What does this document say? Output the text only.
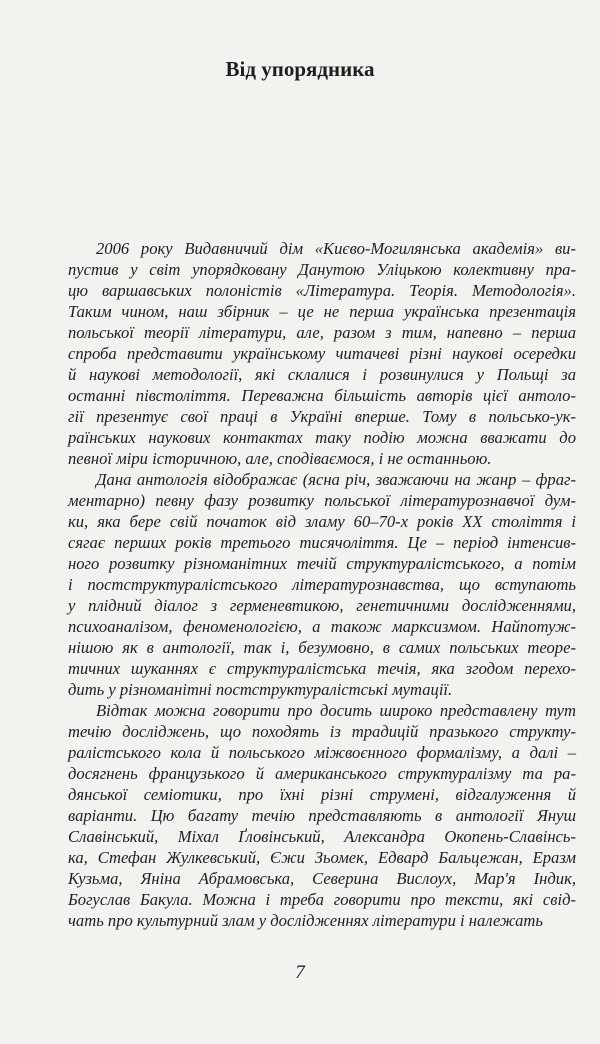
Від упорядника
2006 року Видавничий дім «Києво-Могилянська академія» ви-
пустив у світ упорядковану Данутою Уліцькою колективну пра-
цю варшавських полоністів «Література. Теорія. Методологія».
Таким чином, наш збірник – це не перша українська презентація
польської теорії літератури, але, разом з тим, напевно – перша
спроба представити українському читачеві різні наукові осередки
й наукові методології, які склалися і розвинулися у Польщі за
останні півстоліття. Переважна більшість авторів цієї антоло-
гії презентує свої праці в Україні вперше. Тому в польсько-ук-
раїнських наукових контактах таку подію можна вважати до
певної міри історичною, але, сподіваємося, і не останньою.
Дана антологія відображає (ясна річ, зважаючи на жанр – фраг-
ментарно) певну фазу розвитку польської літературознавчої дум-
ки, яка бере свій початок від зламу 60–70-х років XX століття і
сягає перших років третього тисячоліття. Це – період інтенсив-
ного розвитку різноманітних течій структуралістського, а потім
і постструктуралістського літературознавства, що вступають
у плідний діалог з герменевтикою, генетичними дослідженнями,
психоаналізом, феноменологією, а також марксизмом. Найпотуж-
нішою як в антології, так і, безумовно, в самих польських теоре-
тичних шуканнях є структуралістська течія, яка згодом перехо-
дить у різноманітні постструктуралістські мутації.
Відтак можна говорити про досить широко представлену тут
течію досліджень, що походять із традицій празького структу-
ралістського кола й польського міжвоєнного формалізму, а далі –
досягнень французького й американського структуралізму та ра-
дянської семіотики, про їхні різні струмені, відгалуження й
варіанти. Цю багату течію представляють в антології Януш
Славінський, Міхал Ґловінський, Александра Окопень-Славінсь-
ка, Стефан Жулкевський, Єжи Зьомек, Едвард Бальцежан, Еразм
Кузьма, Яніна Абрамовська, Северина Вислоух, Мар'я Індик,
Богуслав Бакула. Можна і треба говорити про тексти, які свід-
чать про культурний злам у дослідженнях літератури і належать
7
